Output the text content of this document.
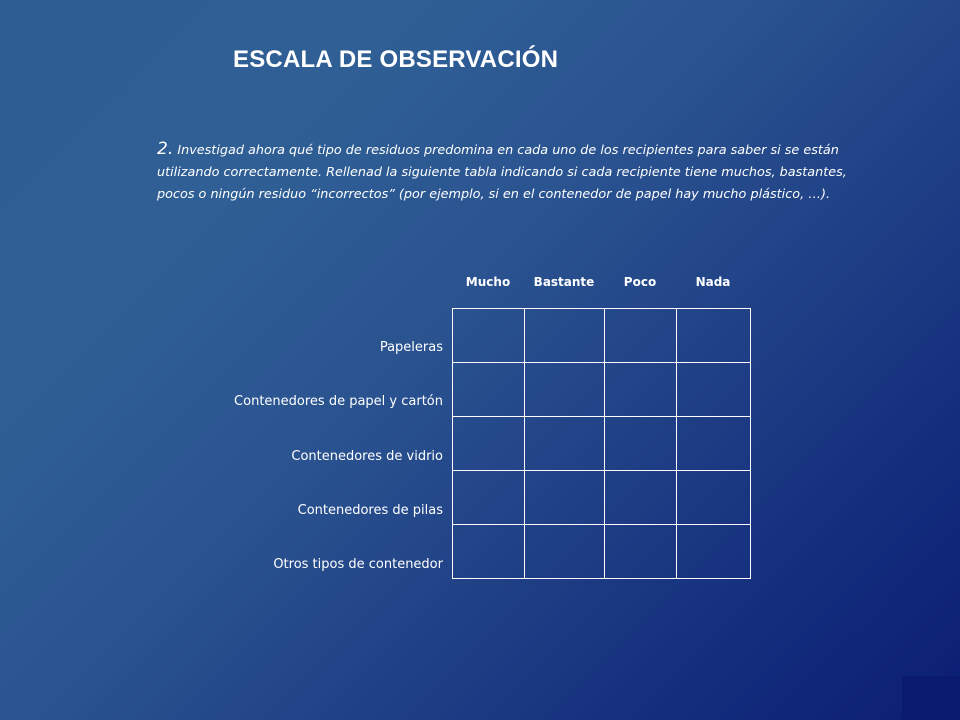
ESCALA DE OBSERVACIÓN
2. Investigad ahora qué tipo de residuos predomina en cada uno de los recipientes para saber si se están utilizando correctamente. Rellenad la siguiente tabla indicando si cada recipiente tiene muchos, bastantes, pocos o ningún residuo “incorrectos” (por ejemplo, si en el contenedor de papel hay mucho plástico, …).
Mucho	Bastante	Poco	Nada
Papeleras
Contenedores de papel y cartón
Contenedores de vidrio
Contenedores de pilas
Otros tipos de contenedor
